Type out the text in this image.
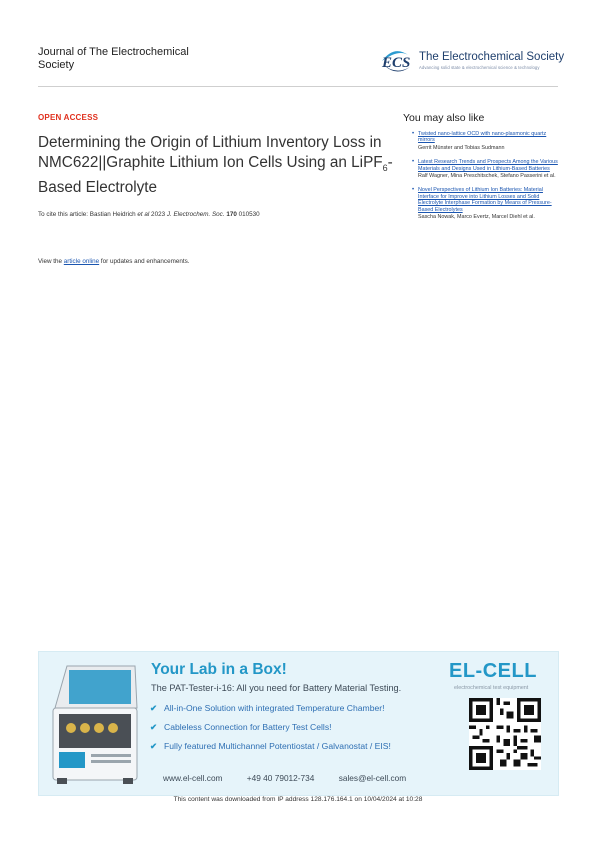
Journal of The Electrochemical
Society	ECS The Electrochemical Society
Advancing solid state & electrochemical science & technology
OPEN ACCESS
Determining the Origin of Lithium Inventory Loss in NMC622||Graphite Lithium Ion Cells Using an LiPF$_6$-Based Electrolyte
To cite this article: Bastian Heidrich et al 2023 J. Electrochem. Soc. 170 010530
View the article online for updates and enhancements.
You may also like
• Twisted nano-lattice OCD with nano-plasmonic quartz mirrors
Gerrit Münster and Tobias Sudmann
• Latest Research Trends and Prospects Among the Various Materials and Designs Used in Lithium-Based Batteries
Ralf Wagner, Mina Preschitschek, Stefano Passerini et al.
• Novel Perspectives of Lithium Ion Batteries: Material Interface for Improve into Lithium Losses and Solid Electrolyte Interphase Formation by Means of Pressure-Based Electrolytes
Sascha Nowak, Marco Evertz, Marcel Diehl et al.
Your Lab in a Box!
The PAT-Tester-i-16: All you need for Battery Material Testing.
✔ All-in-One Solution with integrated Temperature Chamber!
✔ Cableless Connection for Battery Test Cells!
✔ Fully featured Multichannel Potentiostat / Galvanostat / EIS!
www.el-cell.com	+49 40 79012-734	sales@el-cell.com
EL-CELL
electrochemical test equipment
This content was downloaded from IP address 128.176.164.1 on 10/04/2024 at 10:28
